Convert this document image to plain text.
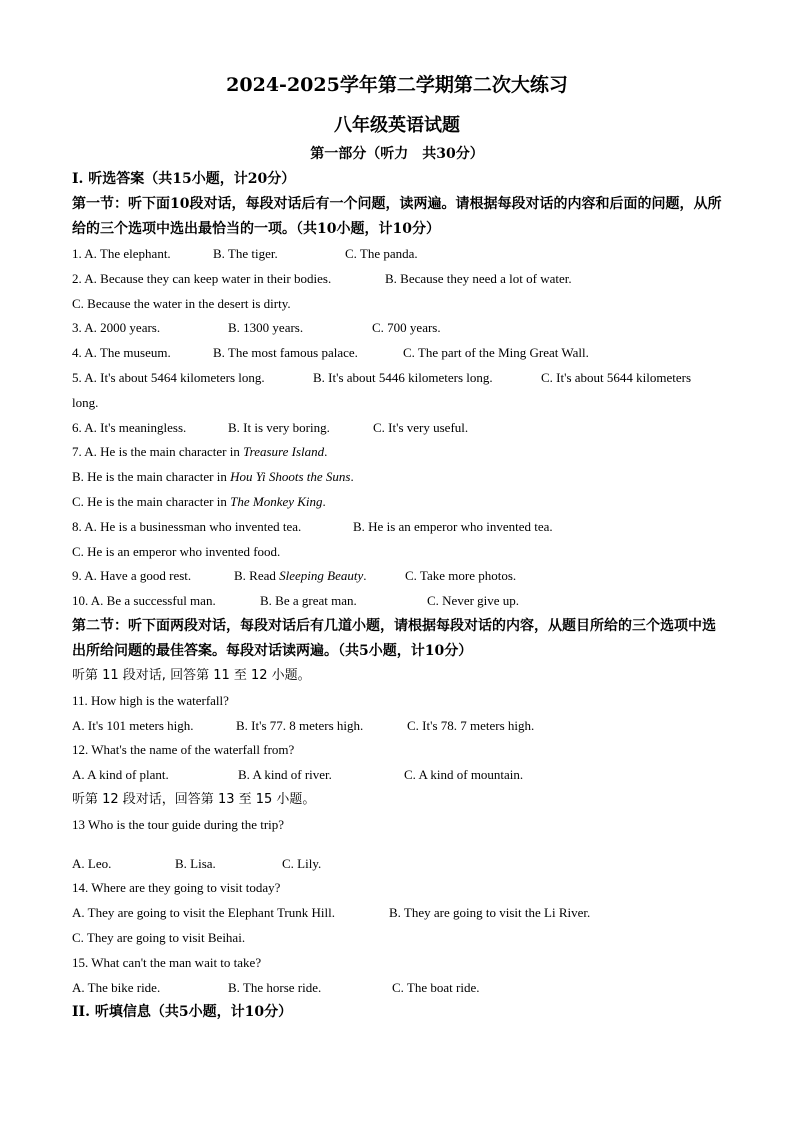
2024-2025学年第二学期第二次大练习
八年级英语试题
第一部分（听力　共30分）
I. 听选答案（共15小题，计20分）
第一节：听下面10段对话，每段对话后有一个问题，读两遍。请根据每段对话的内容和后面的问题，从所给的三个选项中选出最恰当的一项。（共10小题，计10分）
1. A. The elephant.	B. The tiger.	C. The panda.
2. A. Because they can keep water in their bodies.	B. Because they need a lot of water.
C. Because the water in the desert is dirty.
3. A. 2000 years.	B. 1300 years.	C. 700 years.
4. A. The museum.	B. The most famous palace.	C. The part of the Ming Great Wall.
5. A. It's about 5464 kilometers long.	B. It's about 5446 kilometers long.	C. It's about 5644 kilometers
long.
6. A. It's meaningless.	B. It is very boring.	C. It's very useful.
7. A. He is the main character in Treasure Island.
B. He is the main character in Hou Yi Shoots the Suns.
C. He is the main character in The Monkey King.
8. A. He is a businessman who invented tea.	B. He is an emperor who invented tea.
C. He is an emperor who invented food.
9. A. Have a good rest.	B. Read Sleeping Beauty.	C. Take more photos.
10. A. Be a successful man.	B. Be a great man.	C. Never give up.
第二节：听下面两段对话，每段对话后有几道小题，请根据每段对话的内容，从题目所给的三个选项中选出所给问题的最佳答案。每段对话读两遍。（共5小题，计10分）
听第 11 段对话, 回答第 11 至 12 小题。
11. How high is the waterfall?
A. It's 101 meters high.	B. It's 77. 8 meters high.	C. It's 78. 7 meters high.
12. What's the name of the waterfall from?
A. A kind of plant.	B. A kind of river.	C. A kind of mountain.
听第 12 段对话，回答第 13 至 15 小题。
13 Who is the tour guide during the trip?
A. Leo.	B. Lisa.	C. Lily.
14. Where are they going to visit today?
A. They are going to visit the Elephant Trunk Hill.	B. They are going to visit the Li River.
C. They are going to visit Beihai.
15. What can't the man wait to take?
A. The bike ride.	B. The horse ride.	C. The boat ride.
II. 听填信息（共5小题，计10分）
